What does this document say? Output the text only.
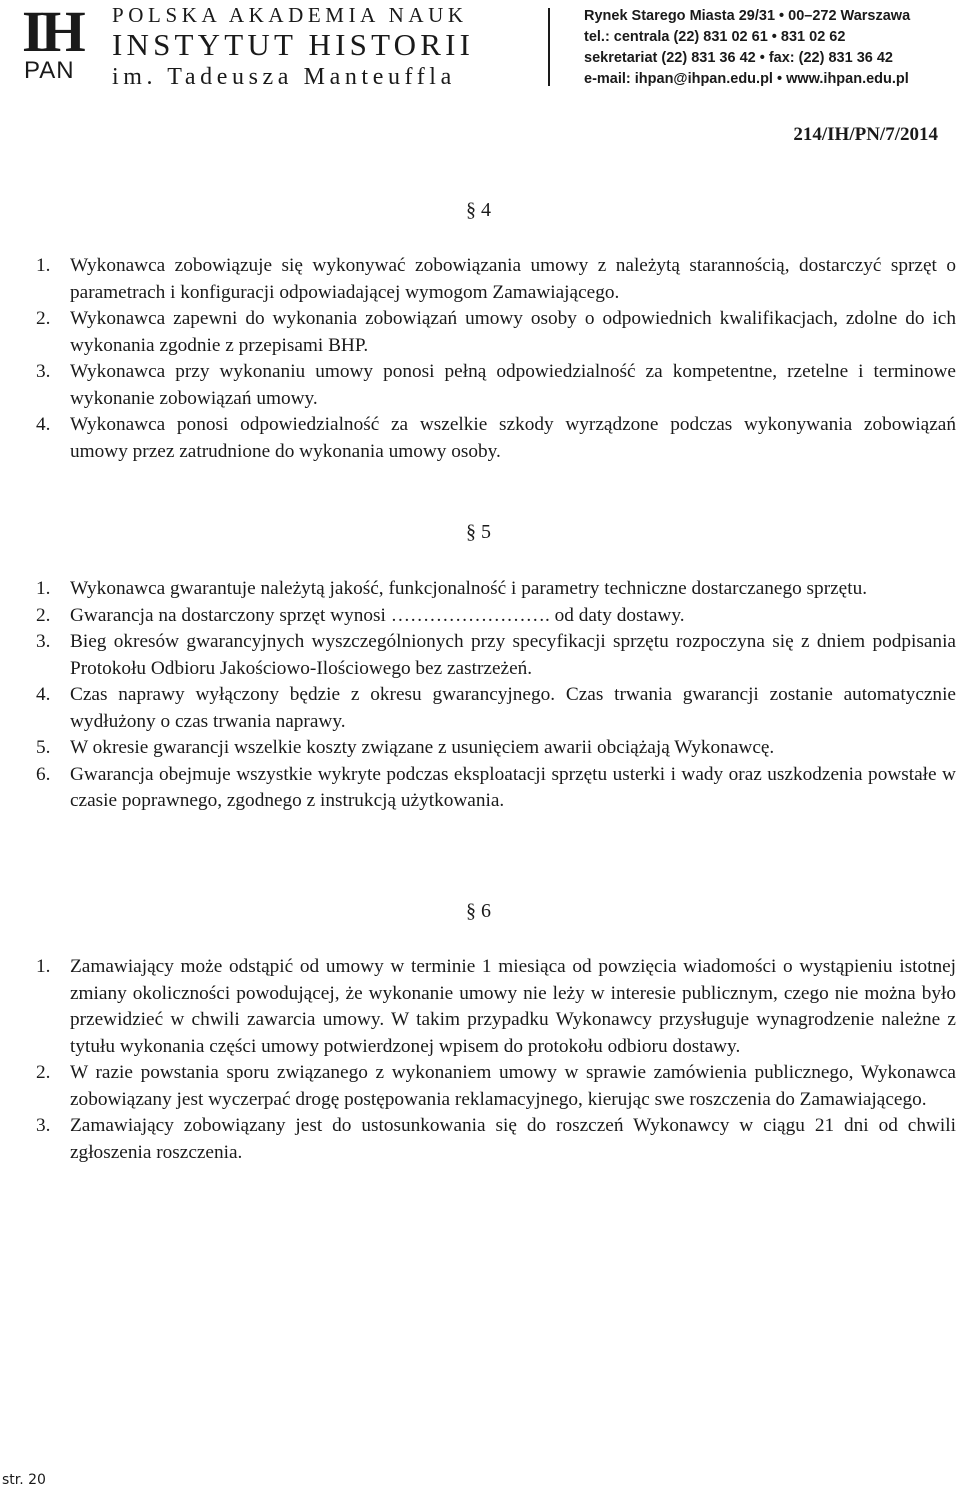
IH
PAN
POLSKA AKADEMIA NAUK
INSTYTUT HISTORII
im. Tadeusza Manteuffla
Rynek Starego Miasta 29/31 • 00–272 Warszawa
tel.: centrala (22) 831 02 61 • 831 02 62
sekretariat (22) 831 36 42 • fax: (22) 831 36 42
e-mail: ihpan@ihpan.edu.pl • www.ihpan.edu.pl
214/IH/PN/7/2014
§ 4
1. Wykonawca zobowiązuje się wykonywać zobowiązania umowy z należytą starannością, dostarczyć sprzęt o parametrach i konfiguracji odpowiadającej wymogom Zamawiającego.
2. Wykonawca zapewni do wykonania zobowiązań umowy osoby o odpowiednich kwalifikacjach, zdolne do ich wykonania zgodnie z przepisami BHP.
3. Wykonawca przy wykonaniu umowy ponosi pełną odpowiedzialność za kompetentne, rzetelne i terminowe wykonanie zobowiązań umowy.
4. Wykonawca ponosi odpowiedzialność za wszelkie szkody wyrządzone podczas wykonywania zobowiązań umowy przez zatrudnione do wykonania umowy osoby.
§ 5
1. Wykonawca gwarantuje należytą jakość, funkcjonalność i parametry techniczne dostarczanego sprzętu.
2. Gwarancja na dostarczony sprzęt wynosi ……………………. od daty dostawy.
3. Bieg okresów gwarancyjnych wyszczególnionych przy specyfikacji sprzętu rozpoczyna się z dniem podpisania Protokołu Odbioru Jakościowo-Ilościowego bez zastrzeżeń.
4. Czas naprawy wyłączony będzie z okresu gwarancyjnego. Czas trwania gwarancji zostanie automatycznie wydłużony o czas trwania naprawy.
5. W okresie gwarancji wszelkie koszty związane z usunięciem awarii obciążają Wykonawcę.
6. Gwarancja obejmuje wszystkie wykryte podczas eksploatacji sprzętu usterki i wady oraz uszkodzenia powstałe w czasie poprawnego, zgodnego z instrukcją użytkowania.
§ 6
1. Zamawiający może odstąpić od umowy w terminie 1 miesiąca od powzięcia wiadomości o wystąpieniu istotnej zmiany okoliczności powodującej, że wykonanie umowy nie leży w interesie publicznym, czego nie można było przewidzieć w chwili zawarcia umowy. W takim przypadku Wykonawcy przysługuje wynagrodzenie należne z tytułu wykonania części umowy potwierdzonej wpisem do protokołu odbioru dostawy.
2. W razie powstania sporu związanego z wykonaniem umowy w sprawie zamówienia publicznego, Wykonawca zobowiązany jest wyczerpać drogę postępowania reklamacyjnego, kierując swe roszczenia do Zamawiającego.
3. Zamawiający zobowiązany jest do ustosunkowania się do roszczeń Wykonawcy w ciągu 21 dni od chwili zgłoszenia roszczenia.
str. 20
